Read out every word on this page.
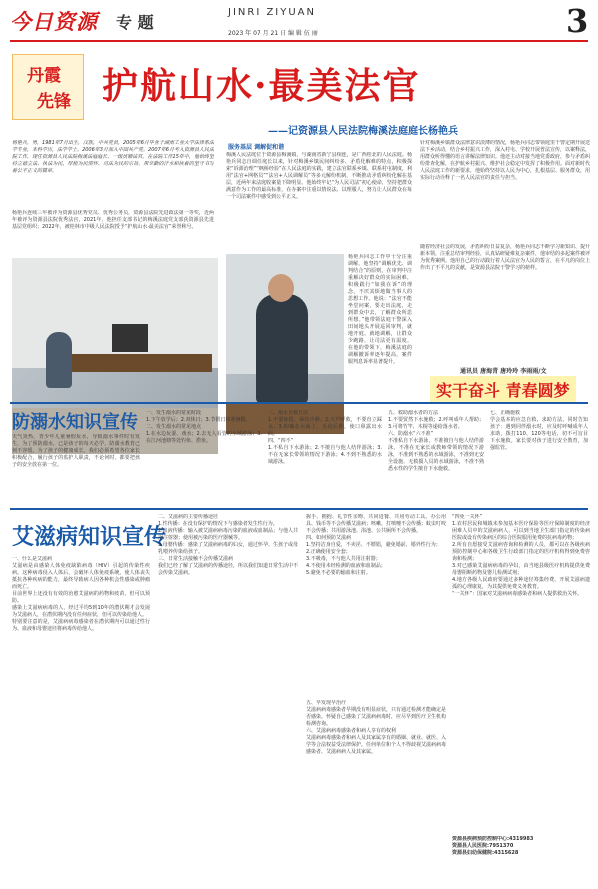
今日资源 专 题
JINRI ZIYUAN
2023 年 07 月 21 日 编 辑 伍 丽	3
丹霞
先锋 护航山水·最美法官
——记资源县人民法院梅溪法庭庭长杨艳兵
杨艳兵，男，1981年7月出生，汉族，中共党员，2005年6月毕业于湖南工业大学法律系法学专业，本科学历，法学学士。2006年3月加入中国共产党。2007年6月考入资源县人民法院工作，现任资源县人民法院梅溪法庭庭长、一级员额法官。在法院工作15年中，他始终坚持立德立法、执法为民，厚植为民情怀、司法为民的宗旨，用辛勤的汗水和执着的坚守书写着公平正义的篇章。
杨艳兵连续三年被评为资源县优秀党员、优秀公务员，资源县法院先进政法第一等奖，近两年被评为资源县法院优秀法官，2021年，他担任支部书记的梅溪法庭党支部获资源县先进基层党组织；2022年，被桂林市中级人民法院授予“护航山水·最美法官”荣誉称号。
服务基层 调解促和谐
梅溪人民法庭位于资源县梅溪镇，与湖南省新宁县相连，是广西桂北的人民法庭。杨艳兵同志自调任庭长以来，针对梅溪乡镇民间纠纷多、矛盾化解难的特点，积极探索“诉源治理”“枫桥经验”在人民法庭的实践，建立法官联系乡镇、联系村屯制度，利用“法官+网格员”“法官+人民调解员”等多元解纷机制，不断推动矛盾纠纷化解在基层，近两年来法庭收案量下降明显。他始终牢记“为人民司法”初心使命，坚持把群众满意作为工作的最高标准，在办案中注重以情说法、以理服人，努力让人民群众在每一个司法案件中感受到公平正义。
杨艳兵同志工作中十分注重调解，他坚持“调解优先、调判结合”的原则，在审判中注重解决好群众的实际困难，积极践行“如我在诉”的理念，不厌其烦地做当事人的思想工作。他说：“法官不能坐堂问案，要走出法庭，走到群众中去，了解群众所思所想。”他带领法庭干警深入田间地头开展巡回审判，就地开庭、就地调解，让群众少跑路，让司法更有温度。在他的带领下，梅溪法庭的调解撤诉率逐年提高，案件服判息诉率显著提升。
针对梅溪乡镇群众法律意识淡薄的情况，杨艳兵同志带领庭里干警定期开展送法下乡活动，结合乡村振兴工作，深入村屯、学校开展普法宣传，以案释法，用群众听得懂的语言讲解法律知识。他还主动对接当地党委政府，参与矛盾纠纷排查化解，在护航乡村振兴、维护社会稳定中发挥了积极作用。面对新时代人民法庭工作的新要求，他始终坚持以人民为中心，扎根基层、服务群众，用实际行动诠释了一名人民法官的责任与担当。
随着经济社会的发展，矛盾纠纷日益复杂，杨艳兵同志不断学习新知识、提升新本领，注重总结审判经验，认真钻研疑难复杂案件，他审结的多起案件被评为优秀案例。他用自己的行动践行着人民法官为人民的誓言，在平凡的岗位上作出了不平凡的贡献，是资源县法院干警学习的榜样。
通讯员 唐海青 唐玲玲 李雨雨/文
实干奋斗 青春圆梦
防溺水知识宣传
天气炎热，青少年儿童暑假玩水，导致溺水事件时有发生，为了预防溺水，已是孩子的每天必学，防溺水教育已刻不容缓。为了孩子的健康成长，我们必须希望各位家长积极配合，履行孩子的监护人职责，不论何时，都要把孩子的安全放在第一位。
一、发生溺水的常见时段
1.下午放学后；2.双休日；3.节假日和寒暑假。
二、发生溺水的常见地点
1.在水边玩耍、戏水；2.去无人看管的水域游泳；3.在江河池塘等处钓鱼、捞鱼。
三、溺水自救方法
1.不要惊慌，保持冷静；2.大声呼救，不要直立踩水；3.仰躺在水面上，头向后仰，使口鼻露出水面。
四、“四不”
1.不私自下水游泳；2.不擅自与他人结伴游泳；3.不在无家长带领的情况下游泳；4.不到不熟悉的水域游泳。
五、救助溺水者的方法
1.不要贸然下水施救；2.呼叫成年人帮助；3.可将竹竿、木棍等递给落水者。
六、防溺水“六不准”
不准私自下水游泳，不准擅自与他人结伴游泳，不准在无家长或教师带领的情况下游泳，不准到不熟悉的水域游泳，不准到无安全设施、无救援人员的水域游泳，不准不熟悉水性的学生擅自下水施救。
七、正确施救
学会基本的应急自救、求助方法，同时告知孩子：遇到同伴溺水时，应及时呼喊成年人求助，拨打110、120等电话，切不可盲目下水施救。家长要对孩子进行安全教育，加强监管。
艾滋病知识宣传
一、什么是艾滋病
艾滋病是由感染人体免疫缺陷病毒（HIV）引起的传染性疾病。这种病毒侵入人体后，会破坏人体免疫系统，使人体丧失抵抗各种疾病的能力，最终导致病人因各种机会性感染或肿瘤而死亡。
目前世界上还没有有效的治愈艾滋病的药物和疫苗，但可以预防。
感染上艾滋病病毒的人，经过平均5到10年的潜伏期才会发展为艾滋病人，在潜伏期内没有任何症状，但可以传染给他人。
特别要注意的是，艾滋病病毒感染者在潜伏期内可以通过性行为、血液和母婴途径将病毒传给他人。
二、艾滋病的主要传播途径
1.性传播：在没有保护的情况下与感染者发生性行为。
2.血液传播：输入被艾滋病病毒污染的血液或血制品；与他人共用注射器；使用被污染的医疗器械等。
3.母婴传播：感染了艾滋病病毒的妇女，通过怀孕、生孩子或母乳喂养传染给孩子。
三、日常生活接触不会传播艾滋病
我们已经了解了艾滋病的传播途径，所以我们知道日常生活中不会传染艾滋病。
握手、拥抱、礼节性亲吻、共同进餐、共用劳动工具、办公用具、钱币等不会传播艾滋病；咳嗽、打喷嚏不会传播；蚊虫叮咬不会传播；共用游泳池、浴池、公共厕所不会传播。
四、如何预防艾滋病
1.坚持洁身自爱，不卖淫、不嫖娼，避免婚前、婚外性行为；
2.正确使用安全套；
3.不吸毒，不与他人共用注射器；
4.不使用未经检测的血液和血制品；
5.避免不必要的输血和注射。
五、早发现早治疗
艾滋病病毒感染者早期没有明显症状，只有通过检测才能确定是否感染。怀疑自己感染了艾滋病病毒时，应尽早到医疗卫生机构检测咨询。
六、艾滋病病毒感染者和病人享有的权利
艾滋病病毒感染者和病人及其家属享有的婚姻、就业、就医、入学等合法权益受法律保护。任何单位和个人不得歧视艾滋病病毒感染者、艾滋病病人及其家属。
“四免一关怀”
1.农村居民和城镇未参加基本医疗保险等医疗保障制度的经济困难人员中的艾滋病病人，可以到当地卫生部门指定的传染病医院或设有传染病区的综合医院服用免费的抗病毒药物；
2.所有自愿接受艾滋病咨询和检测的人员，都可以在各级疾病预防控制中心和各级卫生行政部门指定的医疗机构得到免费咨询和检测；
3.对已感染艾滋病病毒的孕妇，由当地县级医疗机构提供免费母婴阻断药物及婴儿检测试剂；
4.地方各级人民政府要通过多种途径筹集经费，开展艾滋病遗孤的心理康复，为其提供免费义务教育。
“一关怀”：国家对艾滋病病毒感染者和病人提供救治关怀。
资源县疾病预防控制中心:4319983
资源县人民医院:7951370
资源县妇幼保健院:4315628
